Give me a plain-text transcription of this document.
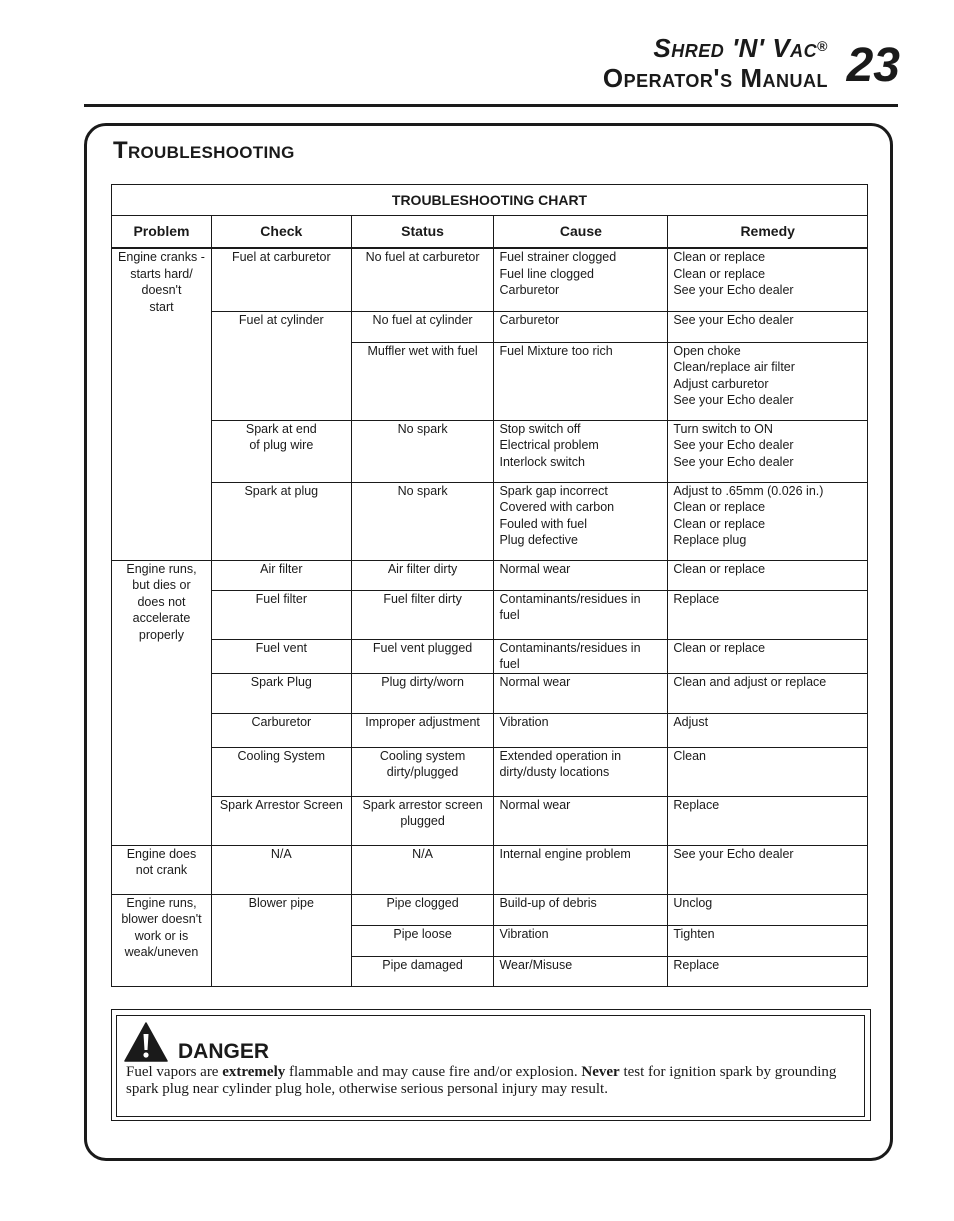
Shred 'N' Vac®
Operator's Manual 23
Troubleshooting
TROUBLESHOOTING CHART				
Problem	Check	Status	Cause	Remedy

Engine cranks -
starts hard/
doesn't
start	Fuel at carburetor	No fuel at carburetor	Fuel strainer clogged
Fuel line clogged
Carburetor	Clean or replace
Clean or replace
See your Echo dealer

	Fuel at cylinder	No fuel at cylinder	Carburetor	See your Echo dealer

		Muffler wet with fuel	Fuel Mixture too rich	Open choke
Clean/replace air filter
Adjust carburetor
See your Echo dealer

	Spark at end
of plug wire	No spark	Stop switch off
Electrical problem
Interlock switch	Turn switch to ON
See your Echo dealer
See your Echo dealer

	Spark at plug	No spark	Spark gap incorrect
Covered with carbon
Fouled with fuel
Plug defective	Adjust to .65mm (0.026 in.)
Clean or replace
Clean or replace
Replace plug

Engine runs,
but dies or
does not
accelerate
properly	Air filter	Air filter dirty	Normal wear	Clean or replace

	Fuel filter	Fuel filter dirty	Contaminants/residues in
fuel	Replace

	Fuel vent	Fuel vent plugged	Contaminants/residues in fuel	Clean or replace

	Spark Plug	Plug dirty/worn	Normal wear	Clean and adjust or replace

	Carburetor	Improper adjustment	Vibration	Adjust

	Cooling System	Cooling system
dirty/plugged	Extended operation in
dirty/dusty locations	Clean

	Spark Arrestor Screen	Spark arrestor screen
plugged	Normal wear	Replace

Engine does
not crank	N/A	N/A	Internal engine problem	See your Echo dealer

Engine runs,
blower doesn't
work or is
weak/uneven	Blower pipe	Pipe clogged	Build-up of debris	Unclog

		Pipe loose	Vibration	Tighten

		Pipe damaged	Wear/Misuse	Replace
DANGER
Fuel vapors are extremely flammable and may cause fire and/or explosion. Never test for ignition spark by grounding spark plug near cylinder plug hole, otherwise serious personal injury may result.
